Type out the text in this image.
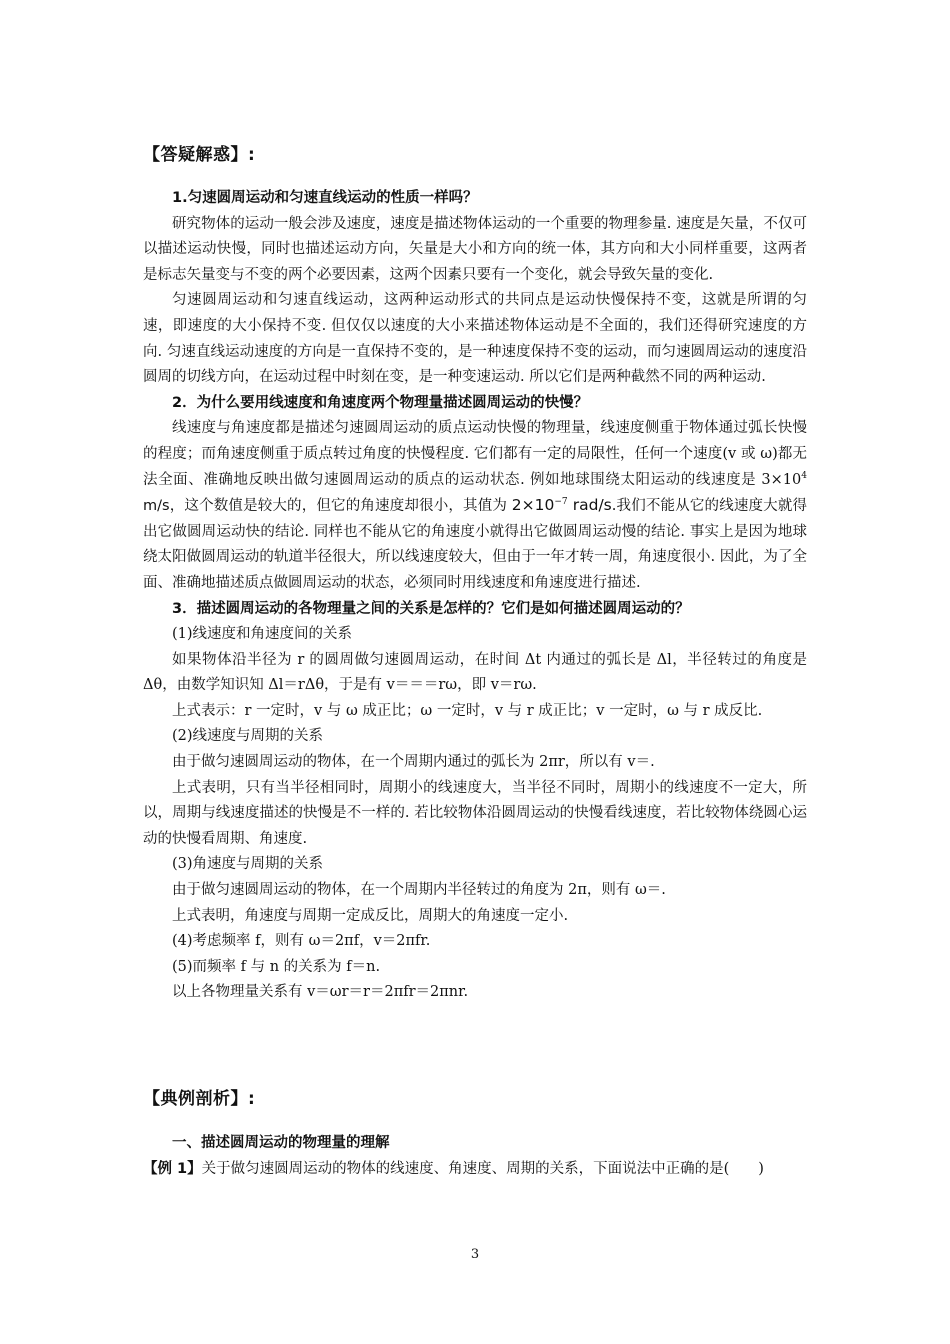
【答疑解惑】:

1.匀速圆周运动和匀速直线运动的性质一样吗？

研究物体的运动一般会涉及速度，速度是描述物体运动的一个重要的物理参量. 速度是矢量，不仅可以描述运动快慢，同时也描述运动方向，矢量是大小和方向的统一体，其方向和大小同样重要，这两者是标志矢量变与不变的两个必要因素，这两个因素只要有一个变化，就会导致矢量的变化.

匀速圆周运动和匀速直线运动，这两种运动形式的共同点是运动快慢保持不变，这就是所谓的匀速，即速度的大小保持不变. 但仅仅以速度的大小来描述物体运动是不全面的，我们还得研究速度的方向. 匀速直线运动速度的方向是一直保持不变的，是一种速度保持不变的运动，而匀速圆周运动的速度沿圆周的切线方向，在运动过程中时刻在变，是一种变速运动. 所以它们是两种截然不同的两种运动.

2．为什么要用线速度和角速度两个物理量描述圆周运动的快慢？

线速度与角速度都是描述匀速圆周运动的质点运动快慢的物理量，线速度侧重于物体通过弧长快慢的程度；而角速度侧重于质点转过角度的快慢程度. 它们都有一定的局限性，任何一个速度(v 或 ω)都无法全面、准确地反映出做匀速圆周运动的质点的运动状态. 例如地球围绕太阳运动的线速度是 $3\times 10^4$ m/s，这个数值是较大的，但它的角速度却很小，其值为 $2\times 10^{-7}$ rad/s.我们不能从它的线速度大就得出它做圆周运动快的结论. 同样也不能从它的角速度小就得出它做圆周运动慢的结论. 事实上是因为地球绕太阳做圆周运动的轨道半径很大，所以线速度较大，但由于一年才转一周，角速度很小. 因此，为了全面、准确地描述质点做圆周运动的状态，必须同时用线速度和角速度进行描述.

3．描述圆周运动的各物理量之间的关系是怎样的？它们是如何描述圆周运动的？

(1)线速度和角速度间的关系

如果物体沿半径为 r 的圆周做匀速圆周运动，在时间 Δt 内通过的弧长是 Δl，半径转过的角度是 Δθ，由数学知识知 Δl＝rΔθ，于是有 v＝＝＝rω，即 v＝rω.

上式表示：r 一定时，v 与 ω 成正比；ω 一定时，v 与 r 成正比；v 一定时，ω 与 r 成反比.

(2)线速度与周期的关系

由于做匀速圆周运动的物体，在一个周期内通过的弧长为 2πr，所以有 v＝.

上式表明，只有当半径相同时，周期小的线速度大，当半径不同时，周期小的线速度不一定大，所以，周期与线速度描述的快慢是不一样的. 若比较物体沿圆周运动的快慢看线速度，若比较物体绕圆心运动的快慢看周期、角速度.

(3)角速度与周期的关系

由于做匀速圆周运动的物体，在一个周期内半径转过的角度为 2π，则有 ω＝.

上式表明，角速度与周期一定成反比，周期大的角速度一定小.

(4)考虑频率 f，则有 ω＝2πf，v＝2πfr.

(5)而频率 f 与 n 的关系为 f＝n.

以上各物理量关系有 v＝ωr＝r＝2πfr＝2πnr.

【典例剖析】:

一、描述圆周运动的物理量的理解

【例 1】关于做匀速圆周运动的物体的线速度、角速度、周期的关系，下面说法中正确的是(　　)

3
